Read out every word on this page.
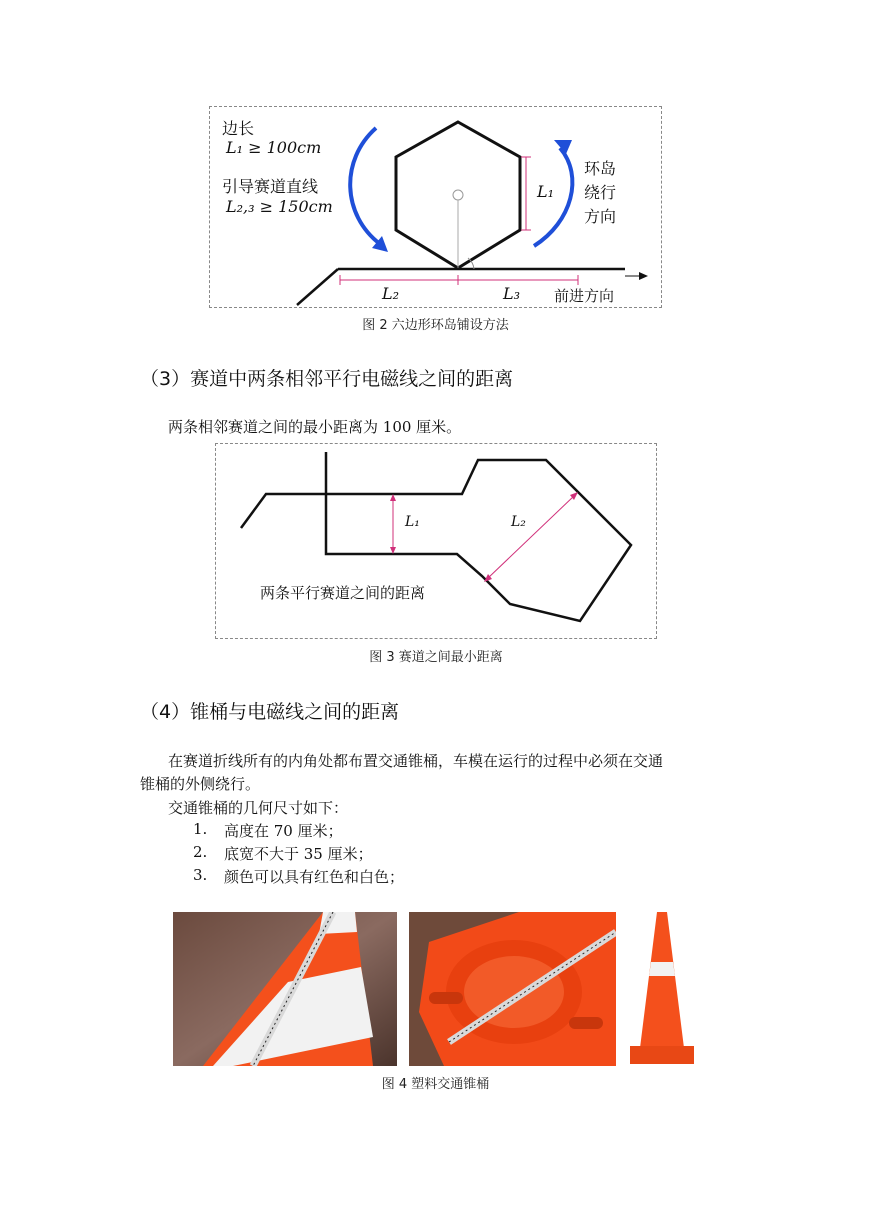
边长
L₁ ≥ 100cm
引导赛道直线
L₂,₃ ≥ 150cm
L₁
环岛
绕行
方向
L₂	L₃ 前进方向
图 2 六边形环岛铺设方法
（3）赛道中两条相邻平行电磁线之间的距离
两条相邻赛道之间的最小距离为 100 厘米。
L₁	L₂
两条平行赛道之间的距离
图 3 赛道之间最小距离
（4）锥桶与电磁线之间的距离
在赛道折线所有的内角处都布置交通锥桶，车模在运行的过程中必须在交通
锥桶的外侧绕行。
交通锥桶的几何尺寸如下：
1. 高度在 70 厘米；
2. 底宽不大于 35 厘米；
3. 颜色可以具有红色和白色；
图 4 塑料交通锥桶
